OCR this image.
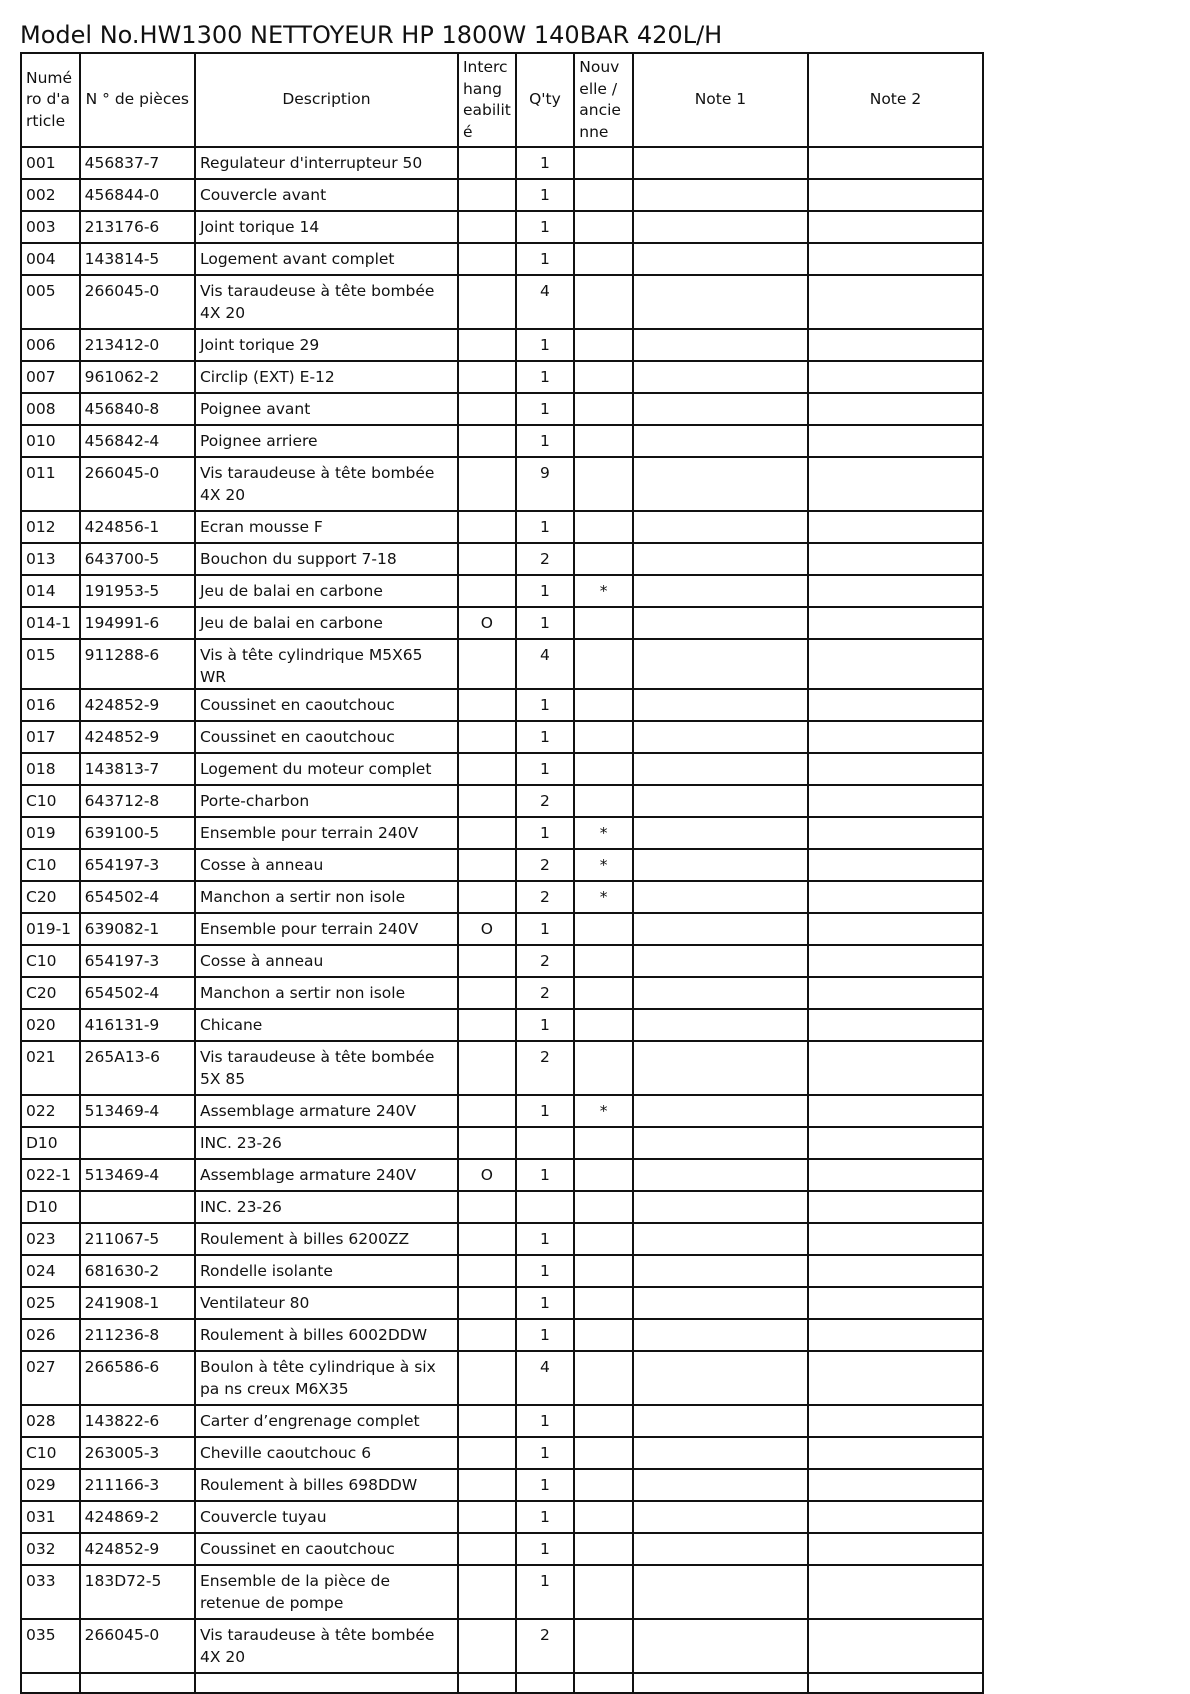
Model No.HW1300 NETTOYEUR HP 1800W 140BAR 420L/H
Numé ro d'a rticle	N ° de pièces	Description	Interc hang eabilit é	Q'ty	Nouv elle / ancie nne	Note 1	Note 2
001	456837-7	Regulateur d'interrupteur 50		1			
002	456844-0	Couvercle avant		1			
003	213176-6	Joint torique 14		1			
004	143814-5	Logement avant complet		1			
005	266045-0	Vis taraudeuse à tête bombée 4X 20		4			
006	213412-0	Joint torique 29		1			
007	961062-2	Circlip (EXT) E-12		1			
008	456840-8	Poignee avant		1			
010	456842-4	Poignee arriere		1			
011	266045-0	Vis taraudeuse à tête bombée 4X 20		9			
012	424856-1	Ecran mousse F		1			
013	643700-5	Bouchon du support 7-18		2			
014	191953-5	Jeu de balai en carbone		1	*		
014-1	194991-6	Jeu de balai en carbone	O	1			
015	911288-6	Vis à tête cylindrique M5X65 WR		4			
016	424852-9	Coussinet en caoutchouc		1			
017	424852-9	Coussinet en caoutchouc		1			
018	143813-7	Logement du moteur complet		1			
C10	643712-8	Porte-charbon		2			
019	639100-5	Ensemble pour terrain 240V		1	*		
C10	654197-3	Cosse à anneau		2	*		
C20	654502-4	Manchon a sertir non isole		2	*		
019-1	639082-1	Ensemble pour terrain 240V	O	1			
C10	654197-3	Cosse à anneau		2			
C20	654502-4	Manchon a sertir non isole		2			
020	416131-9	Chicane		1			
021	265A13-6	Vis taraudeuse à tête bombée 5X 85		2			
022	513469-4	Assemblage armature 240V		1	*		
D10		INC. 23-26					
022-1	513469-4	Assemblage armature 240V	O	1			
D10		INC. 23-26					
023	211067-5	Roulement à billes 6200ZZ		1			
024	681630-2	Rondelle isolante		1			
025	241908-1	Ventilateur 80		1			
026	211236-8	Roulement à billes 6002DDW		1			
027	266586-6	Boulon à tête cylindrique à six pa ns creux M6X35		4			
028	143822-6	Carter d’engrenage complet		1			
C10	263005-3	Cheville caoutchouc 6		1			
029	211166-3	Roulement à billes 698DDW		1			
031	424869-2	Couvercle tuyau		1			
032	424852-9	Coussinet en caoutchouc		1			
033	183D72-5	Ensemble de la pièce de retenue de pompe		1			
035	266045-0	Vis taraudeuse à tête bombée 4X 20		2			
